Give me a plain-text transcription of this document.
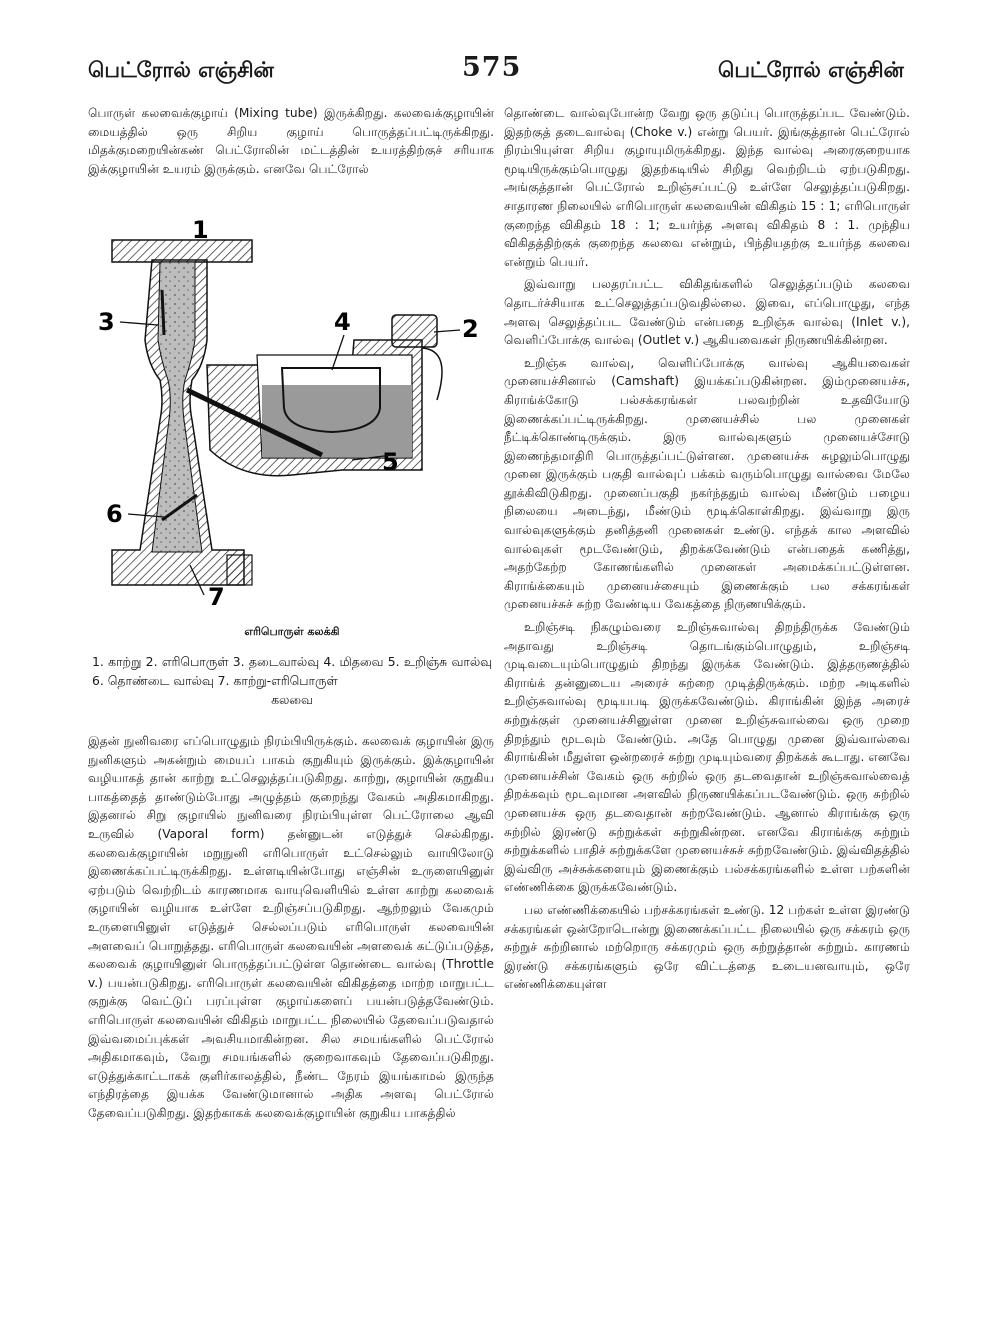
பெட்ரோல் எஞ்சின்	575	பெட்ரோல் எஞ்சின்

பொருள் கலவைக்குழாய் (Mixing tube) இருக்கிறது. கலவைக்குழாயின் மையத்தில் ஒரு சிறிய குழாய் பொருத்தப்பட்டிருக்கிறது. மிதக்குமறையின்கண் பெட்ரோலின் மட்டத்தின் உயரத்திற்குச் சரியாக இக்குழாயின் உயரம் இருக்கும். எனவே பெட்ரோல்

1
2
3	4
5
6
7
எரிபொருள் கலக்கி
1. காற்று 2. எரிபொருள் 3. தடைவால்வு 4. மிதவை 5. உறிஞ்சு வால்வு 6. தொண்டை வால்வு 7. காற்று-எரிபொருள்
கலவை

இதன் நுனிவரை எப்பொழுதும் நிரம்பியிருக்கும். கலவைக் குழாயின் இரு நுனிகளும் அகன்றும் மையப் பாகம் குறுகியும் இருக்கும். இக்குழாயின் வழியாகத் தான் காற்று உட்செலுத்தப்படுகிறது. காற்று, குழாயின் குறுகிய பாகத்தைத் தாண்டும்போது அழுத்தம் குறைந்து வேகம் அதிகமாகிறது. இதனால் சிறு குழாயில் நுனிவரை நிரம்பியுள்ள பெட்ரோலை ஆவி உருவில் (Vaporal form) தன்னுடன் எடுத்துச் செல்கிறது. கலவைக்குழாயின் மறுநுனி எரிபொருள் உட்செல்லும் வாயிலோடு இணைக்கப்பட்டிருக்கிறது. உள்ளடியின்போது எஞ்சின் உருளையினுள் ஏற்படும் வெற்றிடம் காரணமாக வாயுவெளியில் உள்ள காற்று கலவைக் குழாயின் வழியாக உள்ளே உறிஞ்சப்படுகிறது. ஆற்றலும் வேகமும் உருளையினுள் எடுத்துச் செல்லப்படும் எரிபொருள் கலவையின் அளவைப் பொறுத்தது. எரிபொருள் கலவையின் அளவைக் கட்டுப்படுத்த, கலவைக் குழாயினுள் பொருத்தப்பட்டுள்ள தொண்டை வால்வு (Throttle v.) பயன்படுகிறது. எரிபொருள் கலவையின் விகிதத்தை மாற்ற மாறுபட்ட குறுக்கு வெட்டுப் பரப்புள்ள குழாய்களைப் பயன்படுத்தவேண்டும். எரிபொருள் கலவையின் விகிதம் மாறுபட்ட நிலையில் தேவைப்படுவதால் இவ்வமைப்புக்கள் அவசியமாகின்றன. சில சமயங்களில் பெட்ரோல் அதிகமாகவும், வேறு சமயங்களில் குறைவாகவும் தேவைப்படுகிறது. எடுத்துக்காட்டாகக் குளிர்காலத்தில், நீண்ட நேரம் இயங்காமல் இருந்த எந்திரத்தை இயக்க வேண்டுமானால் அதிக அளவு பெட்ரோல் தேவைப்படுகிறது. இதற்காகக் கலவைக்குழாயின் குறுகிய பாகத்தில்

தொண்டை வால்வுபோன்ற வேறு ஒரு தடுப்பு பொருத்தப்பட வேண்டும். இதற்குத் தடைவால்வு (Choke v.) என்று பெயர். இங்குத்தான் பெட்ரோல் நிரம்பியுள்ள சிறிய குழாயுமிருக்கிறது. இந்த வால்வு அரைகுறையாக மூடியிருக்கும்பொழுது இதற்கடியில் சிறிது வெற்றிடம் ஏற்படுகிறது. அங்குத்தான் பெட்ரோல் உறிஞ்சப்பட்டு உள்ளே செலுத்தப்படுகிறது. சாதாரண நிலையில் எரிபொருள் கலவையின் விகிதம் 15 : 1; எரிபொருள் குறைந்த விகிதம் 18 : 1; உயர்ந்த அளவு விகிதம் 8 : 1. முந்திய விகிதத்திற்குக் குறைந்த கலவை என்றும், பிந்தியதற்கு உயர்ந்த கலவை என்றும் பெயர்.

இவ்வாறு பலதரப்பட்ட விகிதங்களில் செலுத்தப்படும் கலவை தொடர்ச்சியாக உட்செலுத்தப்படுவதில்லை. இவை, எப்பொழுது, எந்த அளவு செலுத்தப்பட வேண்டும் என்பதை உறிஞ்சு வால்வு (Inlet v.), வெளிப்போக்கு வால்வு (Outlet v.) ஆகியவைகள் நிருணயிக்கின்றன.

உறிஞ்சு வால்வு, வெளிப்போக்கு வால்வு ஆகியவைகள் முனையச்சினால் (Camshaft) இயக்கப்படுகின்றன. இம்முனையச்சு, கிராங்க்கோடு பல்சக்கரங்கள் பலவற்றின் உதவியோடு இணைக்கப்பட்டிருக்கிறது. முனையச்சில் பல முனைகள் நீட்டிக்கொண்டிருக்கும். இரு வால்வுகளும் முனையச்சோடு இணைந்தமாதிரி பொருத்தப்பட்டுள்ளன. முனையச்சு சுழலும்பொழுது முனை இருக்கும் பகுதி வால்வுப் பக்கம் வரும்பொழுது வால்வை மேலே தூக்கிவிடுகிறது. முனைப்பகுதி நகர்ந்ததும் வால்வு மீண்டும் பழைய நிலையை அடைந்து, மீண்டும் மூடிக்கொள்கிறது. இவ்வாறு இரு வால்வுகளுக்கும் தனித்தனி முனைகள் உண்டு. எந்தக் கால அளவில் வால்வுகள் மூடவேண்டும், திறக்கவேண்டும் என்பதைக் கணித்து, அதற்கேற்ற கோணங்களில் முனைகள் அமைக்கப்பட்டுள்ளன. கிராங்க்கையும் முனையச்சையும் இணைக்கும் பல சக்கரங்கள் முனையச்சுச் சுற்ற வேண்டிய வேகத்தை நிருணயிக்கும்.

உறிஞ்சடி நிகழும்வரை உறிஞ்சுவால்வு திறந்திருக்க வேண்டும் அதாவது உறிஞ்சடி தொடங்கும்பொழுதும், உறிஞ்சடி முடிவடையும்பொழுதும் திறந்து இருக்க வேண்டும். இத்தருணத்தில் கிராங்க் தன்னுடைய அரைச் சுற்றை முடித்திருக்கும். மற்ற அடிகளில் உறிஞ்சுவால்வு மூடியபடி இருக்கவேண்டும். கிராங்கின் இந்த அரைச் சுற்றுக்குள் முனையச்சினுள்ள முனை உறிஞ்சுவால்வை ஒரு முறை திறந்தும் மூடவும் வேண்டும். அதே பொழுது முனை இவ்வால்வை கிராங்கின் மீதுள்ள ஒன்றரைச் சுற்று முடியும்வரை திறக்கக் கூடாது. எனவே முனையச்சின் வேகம் ஒரு சுற்றில் ஒரு தடவைதான் உறிஞ்சுவால்வைத் திறக்கவும் மூடவுமான அளவில் நிருணயிக்கப்படவேண்டும். ஒரு சுற்றில் முனையச்சு ஒரு தடவைதான் சுற்றவேண்டும். ஆனால் கிராங்க்கு ஒரு சுற்றில் இரண்டு சுற்றுக்கள் சுற்றுகின்றன. எனவே கிராங்க்கு சுற்றும் சுற்றுக்களில் பாதிச் சுற்றுக்களே முனையச்சுச் சுற்றவேண்டும். இவ்விதத்தில் இவ்விரு அச்சுக்களையும் இணைக்கும் பல்சக்கரங்களில் உள்ள பற்களின் எண்ணிக்கை இருக்கவேண்டும்.

பல எண்ணிக்கையில் பற்சக்கரங்கள் உண்டு. 12 பற்கள் உள்ள இரண்டு சக்கரங்கள் ஒன்றோடொன்று இணைக்கப்பட்ட நிலையில் ஒரு சக்கரம் ஒரு சுற்றுச் சுற்றினால் மற்றொரு சக்கரமும் ஒரு சுற்றுத்தான் சுற்றும். காரணம் இரண்டு சக்கரங்களும் ஒரே விட்டத்தை உடையனவாயும், ஒரே எண்ணிக்கையுள்ள
